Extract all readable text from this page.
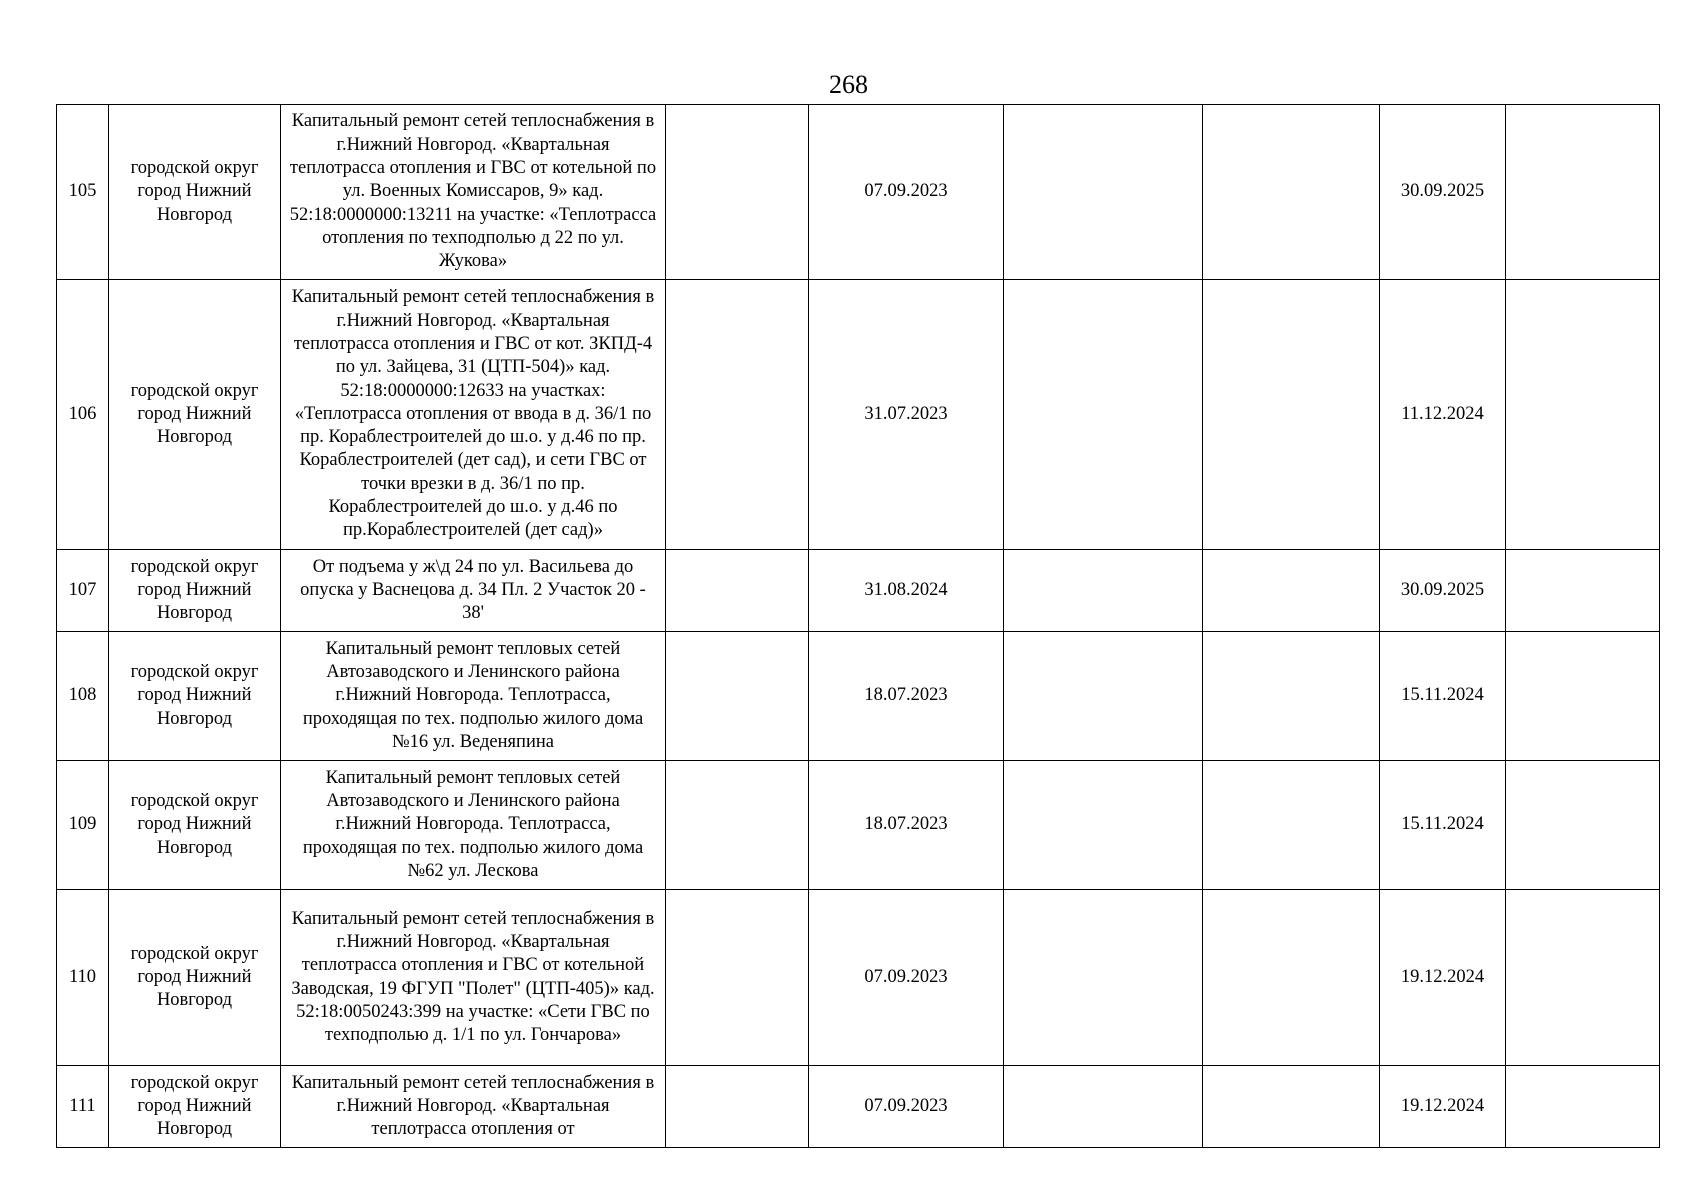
268
105	городской округ город Нижний Новгород	Капитальный ремонт сетей теплоснабжения в г.Нижний Новгород. «Квартальная теплотрасса отопления и ГВС от котельной по ул. Военных Комиссаров, 9» кад. 52:18:0000000:13211 на участке: «Теплотрасса отопления по техподполью д 22 по ул. Жукова»		07.09.2023			30.09.2025	
106	городской округ город Нижний Новгород	Капитальный ремонт сетей теплоснабжения в г.Нижний Новгород. «Квартальная теплотрасса отопления и ГВС от кот. ЗКПД-4 по ул. Зайцева, 31 (ЦТП-504)» кад. 52:18:0000000:12633 на участках: «Теплотрасса отопления от ввода в д. 36/1 по пр. Кораблестроителей до ш.о. у д.46 по пр. Кораблестроителей (дет сад), и сети ГВС от точки врезки в д. 36/1 по пр. Кораблестроителей до ш.о. у д.46 по пр.Кораблестроителей (дет сад)»		31.07.2023			11.12.2024	
107	городской округ город Нижний Новгород	От подъема у ж\д 24 по ул. Васильева до опуска у Васнецова д. 34 Пл. 2 Участок 20 - 38'		31.08.2024			30.09.2025	
108	городской округ город Нижний Новгород	Капитальный ремонт тепловых сетей Автозаводского и Ленинского района г.Нижний Новгорода. Теплотрасса, проходящая по тех. подполью жилого дома №16 ул. Веденяпина		18.07.2023			15.11.2024	
109	городской округ город Нижний Новгород	Капитальный ремонт тепловых сетей Автозаводского и Ленинского района г.Нижний Новгорода. Теплотрасса, проходящая по тех. подполью жилого дома №62 ул. Лескова		18.07.2023			15.11.2024	
110	городской округ город Нижний Новгород	Капитальный ремонт сетей теплоснабжения в г.Нижний Новгород. «Квартальная теплотрасса отопления и ГВС от котельной Заводская, 19 ФГУП "Полет" (ЦТП-405)» кад. 52:18:0050243:399 на участке: «Сети ГВС по техподполью д. 1/1 по ул. Гончарова»		07.09.2023			19.12.2024	
111	городской округ город Нижний Новгород	Капитальный ремонт сетей теплоснабжения в г.Нижний Новгород. «Квартальная теплотрасса отопления от		07.09.2023			19.12.2024	
